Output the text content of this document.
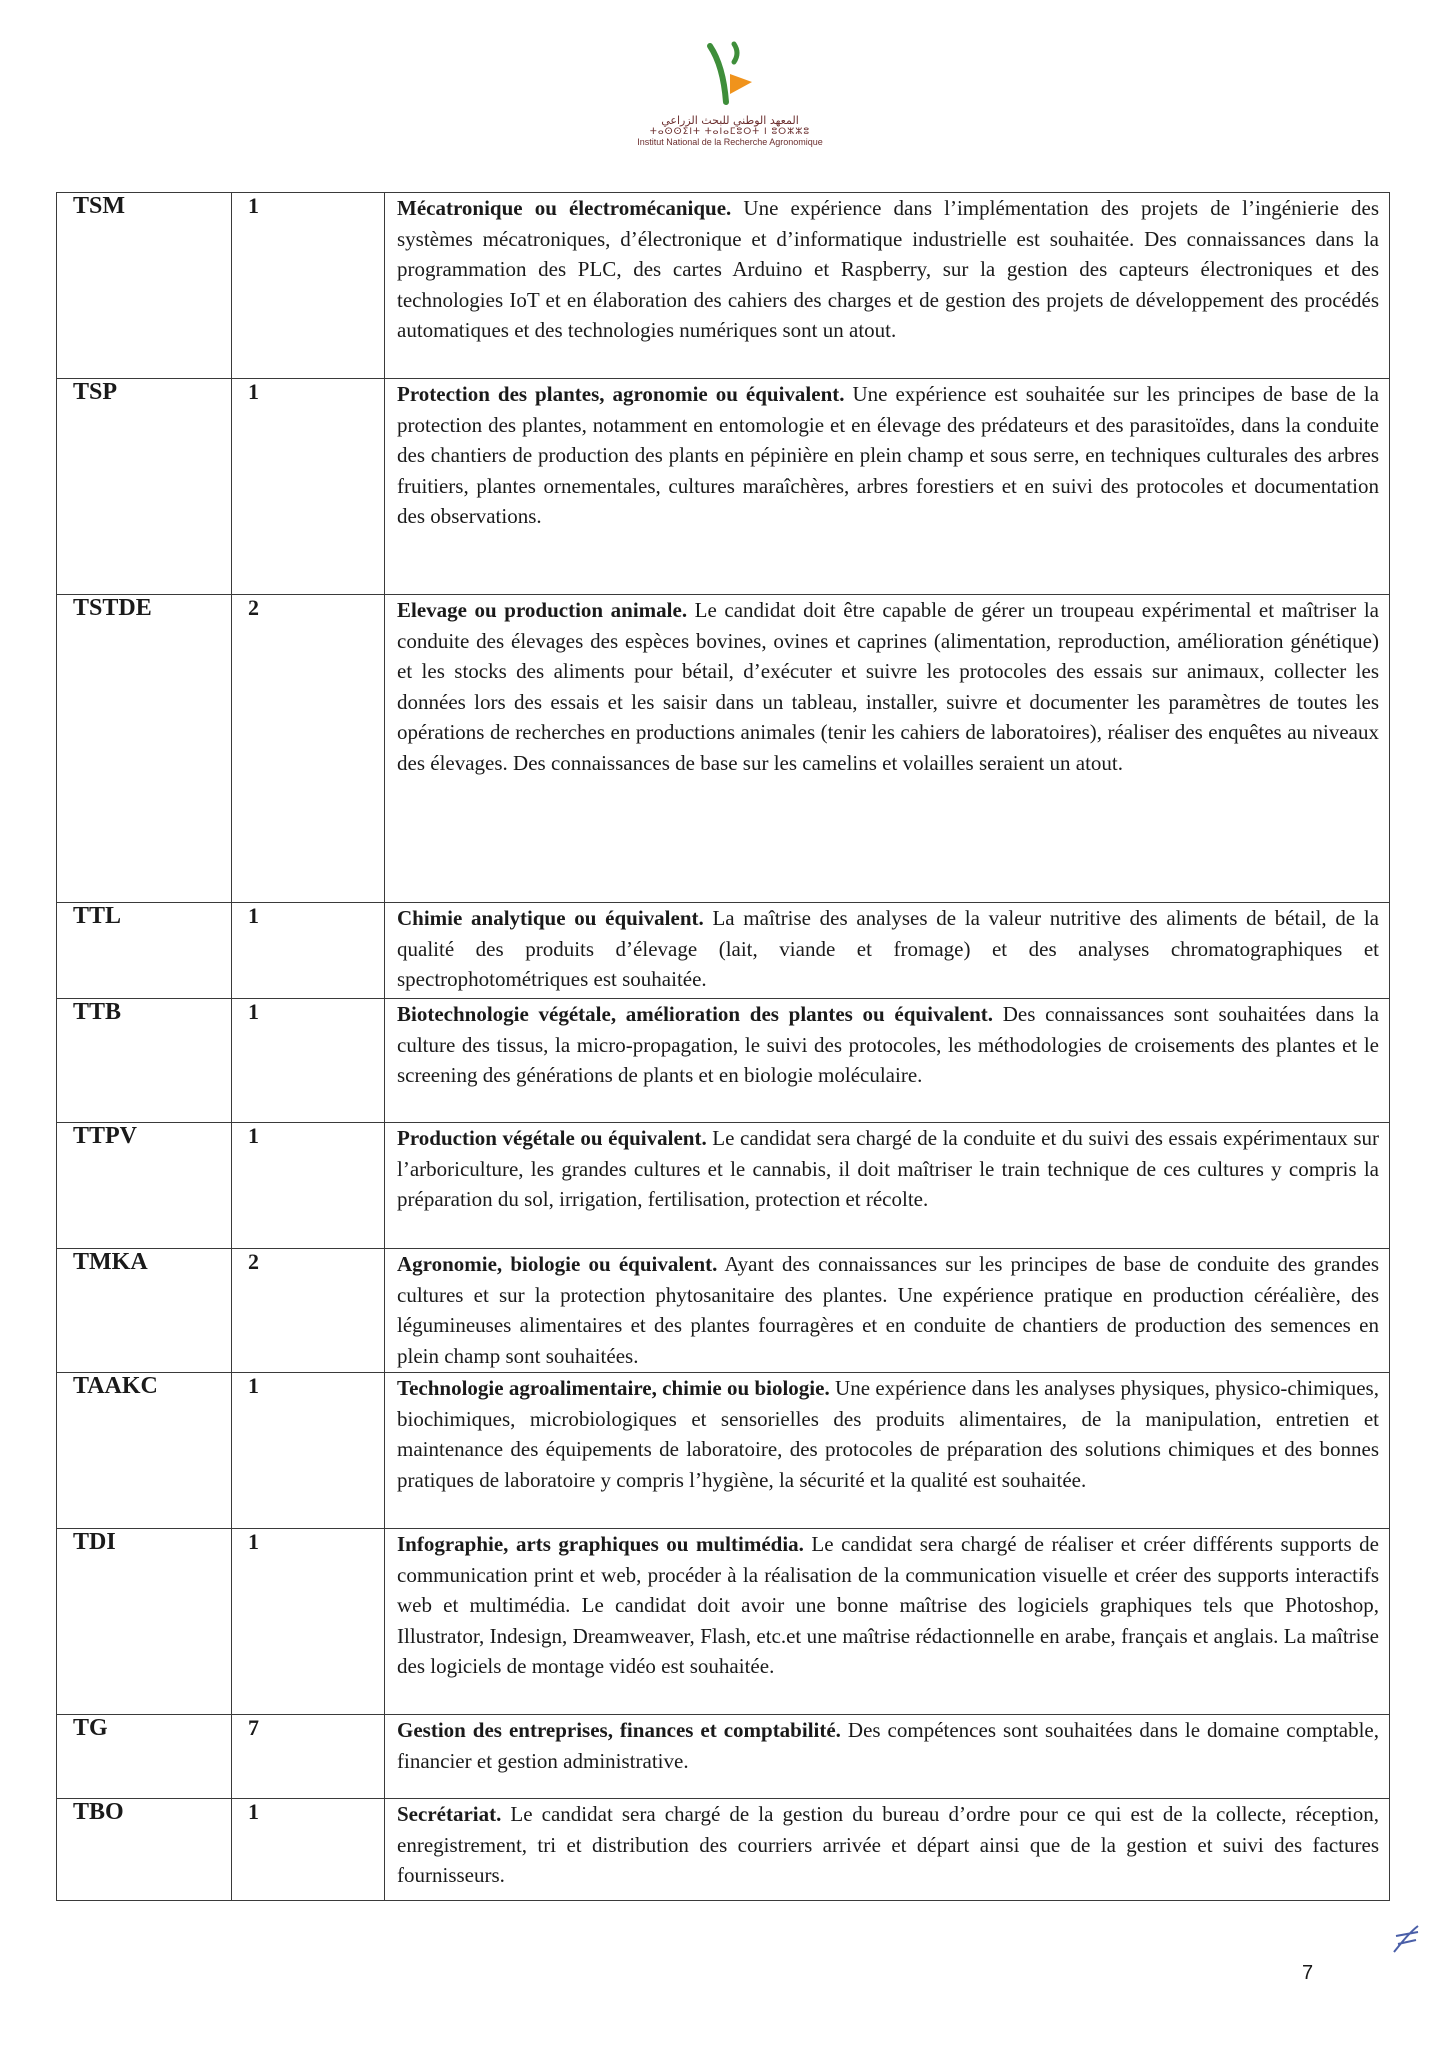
المعهد الوطني للبحث الزراعي
ⵜⴰⵙⵙⵉⵏⵜ ⵜⴰⵏⴰⵎⵓⵔⵜ ⵏ ⵓⵔⵣⵣⵓ
Institut National de la Recherche Agronomique
TSM	1	Mécatronique ou électromécanique. Une expérience dans l’implémentation des projets de l’ingénierie des systèmes mécatroniques, d’électronique et d’informatique industrielle est souhaitée. Des connaissances dans la programmation des PLC, des cartes Arduino et Raspberry, sur la gestion des capteurs électroniques et des technologies IoT et en élaboration des cahiers des charges et de gestion des projets de développement des procédés automatiques et des technologies numériques sont un atout.

TSP	1	Protection des plantes, agronomie ou équivalent. Une expérience est souhaitée sur les principes de base de la protection des plantes, notamment en entomologie et en élevage des prédateurs et des parasitoïdes, dans la conduite des chantiers de production des plants en pépinière en plein champ et sous serre, en techniques culturales des arbres fruitiers, plantes ornementales, cultures maraîchères, arbres forestiers et en suivi des protocoles et documentation des observations.

TSTDE	2	Elevage ou production animale. Le candidat doit être capable de gérer un troupeau expérimental et maîtriser la conduite des élevages des espèces bovines, ovines et caprines (alimentation, reproduction, amélioration génétique) et les stocks des aliments pour bétail, d’exécuter et suivre les protocoles des essais sur animaux, collecter les données lors des essais et les saisir dans un tableau, installer, suivre et documenter les paramètres de toutes les opérations de recherches en productions animales (tenir les cahiers de laboratoires), réaliser des enquêtes au niveaux des élevages. Des connaissances de base sur les camelins et volailles seraient un atout.

TTL	1	Chimie analytique ou équivalent. La maîtrise des analyses de la valeur nutritive des aliments de bétail, de la qualité des produits d’élevage (lait, viande et fromage) et des analyses chromatographiques et spectrophotométriques est souhaitée.

TTB	1	Biotechnologie végétale, amélioration des plantes ou équivalent. Des connaissances sont souhaitées dans la culture des tissus, la micro-propagation, le suivi des protocoles, les méthodologies de croisements des plantes et le screening des générations de plants et en biologie moléculaire.

TTPV	1	Production végétale ou équivalent. Le candidat sera chargé de la conduite et du suivi des essais expérimentaux sur l’arboriculture, les grandes cultures et le cannabis, il doit maîtriser le train technique de ces cultures y compris la préparation du sol, irrigation, fertilisation, protection et récolte.

TMKA	2	Agronomie, biologie ou équivalent. Ayant des connaissances sur les principes de base de conduite des grandes cultures et sur la protection phytosanitaire des plantes. Une expérience pratique en production céréalière, des légumineuses alimentaires et des plantes fourragères et en conduite de chantiers de production des semences en plein champ sont souhaitées.

TAAKC	1	Technologie agroalimentaire, chimie ou biologie. Une expérience dans les analyses physiques, physico-chimiques, biochimiques, microbiologiques et sensorielles des produits alimentaires, de la manipulation, entretien et maintenance des équipements de laboratoire, des protocoles de préparation des solutions chimiques et des bonnes pratiques de laboratoire y compris l’hygiène, la sécurité et la qualité est souhaitée.

TDI	1	Infographie, arts graphiques ou multimédia. Le candidat sera chargé de réaliser et créer différents supports de communication print et web, procéder à la réalisation de la communication visuelle et créer des supports interactifs web et multimédia. Le candidat doit avoir une bonne maîtrise des logiciels graphiques tels que Photoshop, Illustrator, Indesign, Dreamweaver, Flash, etc.et une maîtrise rédactionnelle en arabe, français et anglais. La maîtrise des logiciels de montage vidéo est souhaitée.

TG	7	Gestion des entreprises, finances et comptabilité. Des compétences sont souhaitées dans le domaine comptable, financier et gestion administrative.

TBO	1	Secrétariat. Le candidat sera chargé de la gestion du bureau d’ordre pour ce qui est de la collecte, réception, enregistrement, tri et distribution des courriers arrivée et départ ainsi que de la gestion et suivi des factures fournisseurs.
7
